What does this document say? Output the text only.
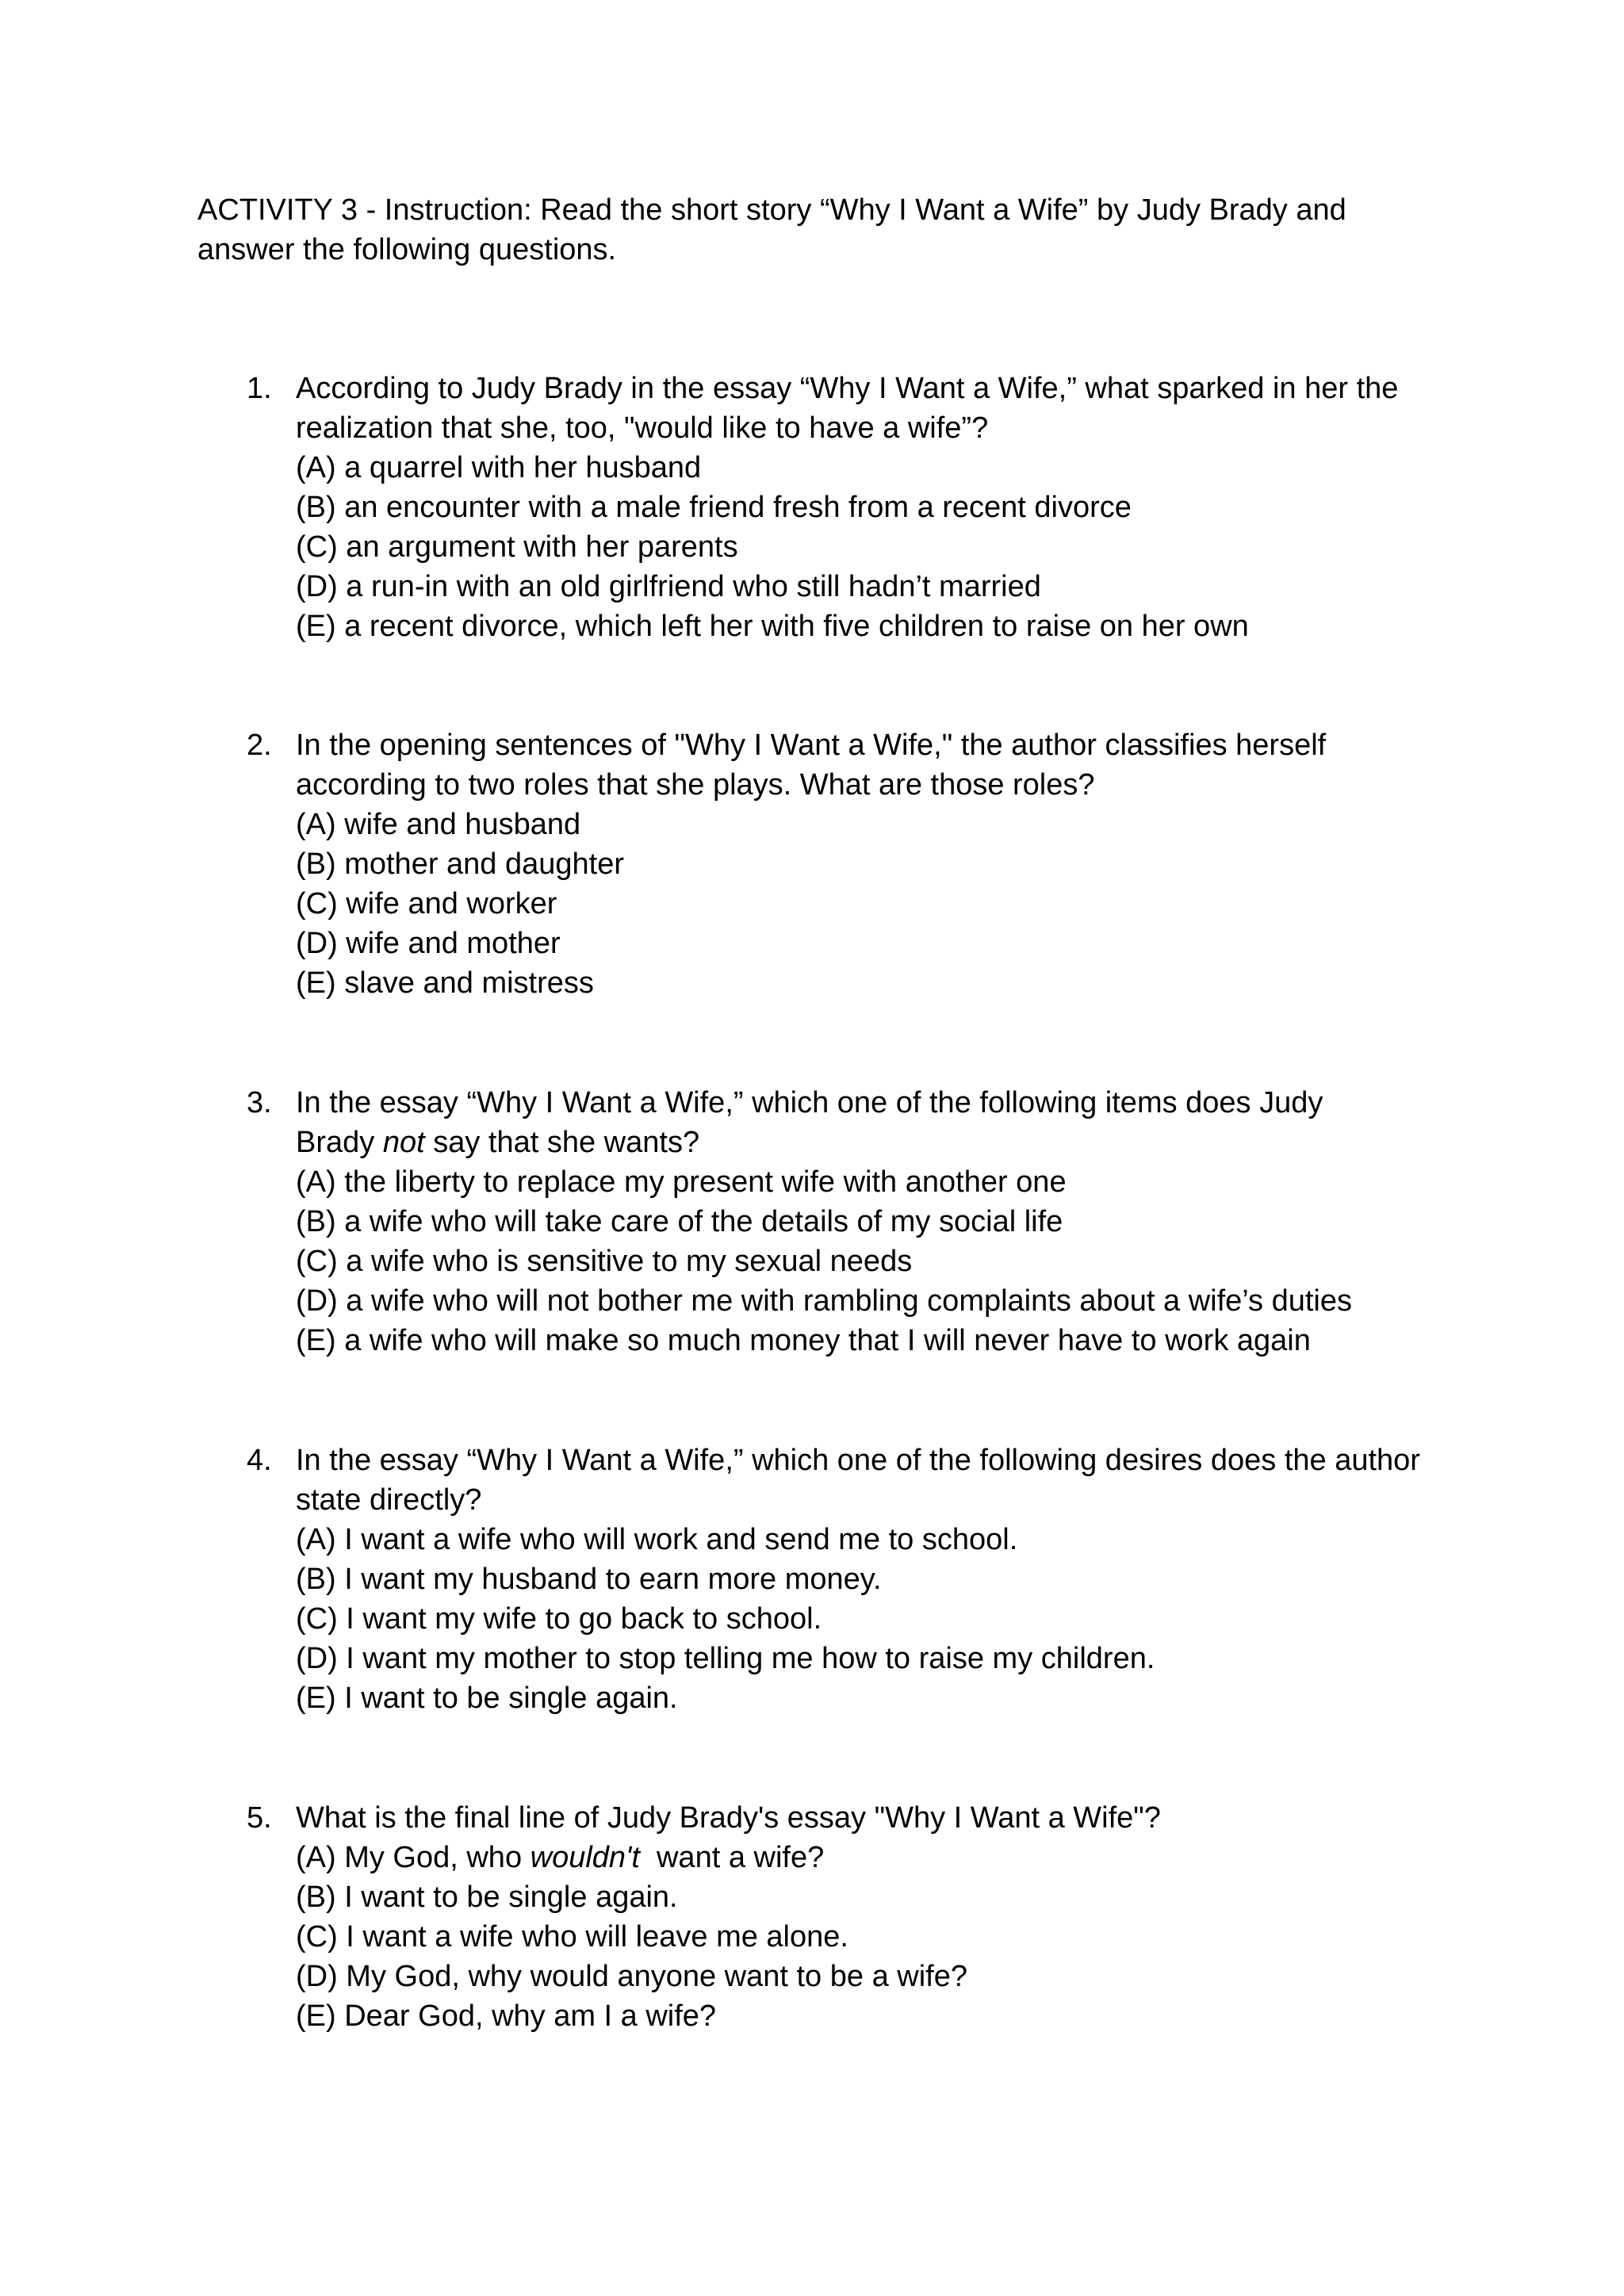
ACTIVITY 3 - Instruction: Read the short story “Why I Want a Wife” by Judy Brady and
answer the following questions.
1. According to Judy Brady in the essay “Why I Want a Wife,” what sparked in her the
realization that she, too, "would like to have a wife”?
(A) a quarrel with her husband
(B) an encounter with a male friend fresh from a recent divorce
(C) an argument with her parents
(D) a run-in with an old girlfriend who still hadn’t married
(E) a recent divorce, which left her with five children to raise on her own
2. In the opening sentences of "Why I Want a Wife," the author classifies herself
according to two roles that she plays. What are those roles?
(A) wife and husband
(B) mother and daughter
(C) wife and worker
(D) wife and mother
(E) slave and mistress
3. In the essay “Why I Want a Wife,” which one of the following items does Judy
Brady not say that she wants?
(A) the liberty to replace my present wife with another one
(B) a wife who will take care of the details of my social life
(C) a wife who is sensitive to my sexual needs
(D) a wife who will not bother me with rambling complaints about a wife’s duties
(E) a wife who will make so much money that I will never have to work again
4. In the essay “Why I Want a Wife,” which one of the following desires does the author
state directly?
(A) I want a wife who will work and send me to school.
(B) I want my husband to earn more money.
(C) I want my wife to go back to school.
(D) I want my mother to stop telling me how to raise my children.
(E) I want to be single again.
5. What is the final line of Judy Brady's essay "Why I Want a Wife"?
(A) My God, who wouldn't  want a wife?
(B) I want to be single again.
(C) I want a wife who will leave me alone.
(D) My God, why would anyone want to be a wife?
(E) Dear God, why am I a wife?
